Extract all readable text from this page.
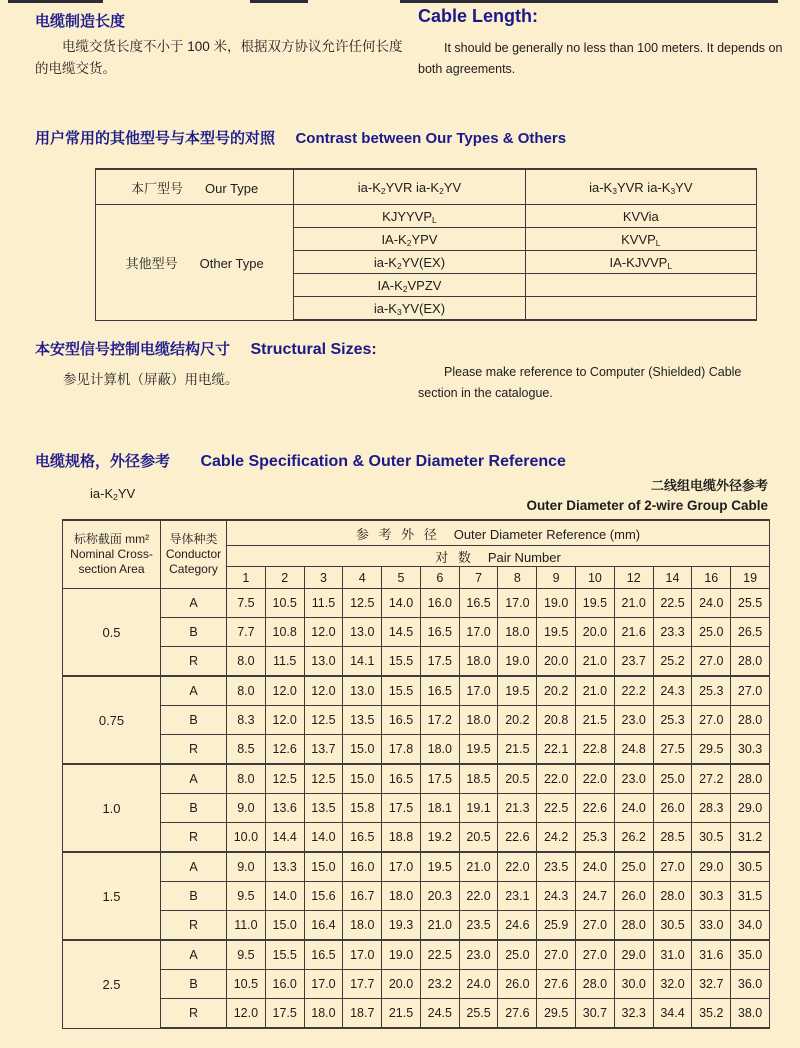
电缆制造长度
电缆交货长度不小于 100 米，根据双方协议允许任何长度的电缆交货。
Cable Length:
It should be generally no less than 100 meters. It depends on both agreements.
用户常用的其他型号与本型号的对照 Contrast between Our Types & Others
本厂型号 Our Type	$ia-K_2YVR$ $ia-K_2YV$	$ia-K_3YVR$ $ia-K_3YV$
其他型号 Other Type	$KJYYVP_L$	KVVia
	$IA-K_2YPV$	$KVVP_L$
	$ia-K_2YV(EX)$	$IA-KJVVP_L$
	$IA-K_2VPZV$	
	$ia-K_3YV(EX)$	
本安型信号控制电缆结构尺寸 Structural Sizes:
参见计算机（屏蔽）用电缆。	Please make reference to Computer (Shielded) Cable section in the catalogue.
电缆规格，外径参考 Cable Specification & Outer Diameter Reference
$ia-K_2YV$
二线组电缆外径参考
Outer Diameter of 2-wire Group Cable
标称截面 mm²
Nominal Cross-
section Area	导体种类
Conductor
Category	参 考 外 径 Outer Diameter Reference (mm)													
		对 数 Pair Number													
		1	2	3	4	5	6	7	8	9	10	12	14	16	19
0.5	A	7.5	10.5	11.5	12.5	14.0	16.0	16.5	17.0	19.0	19.5	21.0	22.5	24.0	25.5
	B	7.7	10.8	12.0	13.0	14.5	16.5	17.0	18.0	19.5	20.0	21.6	23.3	25.0	26.5
	R	8.0	11.5	13.0	14.1	15.5	17.5	18.0	19.0	20.0	21.0	23.7	25.2	27.0	28.0
0.75	A	8.0	12.0	12.0	13.0	15.5	16.5	17.0	19.5	20.2	21.0	22.2	24.3	25.3	27.0
	B	8.3	12.0	12.5	13.5	16.5	17.2	18.0	20.2	20.8	21.5	23.0	25.3	27.0	28.0
	R	8.5	12.6	13.7	15.0	17.8	18.0	19.5	21.5	22.1	22.8	24.8	27.5	29.5	30.3
1.0	A	8.0	12.5	12.5	15.0	16.5	17.5	18.5	20.5	22.0	22.0	23.0	25.0	27.2	28.0
	B	9.0	13.6	13.5	15.8	17.5	18.1	19.1	21.3	22.5	22.6	24.0	26.0	28.3	29.0
	R	10.0	14.4	14.0	16.5	18.8	19.2	20.5	22.6	24.2	25.3	26.2	28.5	30.5	31.2
1.5	A	9.0	13.3	15.0	16.0	17.0	19.5	21.0	22.0	23.5	24.0	25.0	27.0	29.0	30.5
	B	9.5	14.0	15.6	16.7	18.0	20.3	22.0	23.1	24.3	24.7	26.0	28.0	30.3	31.5
	R	11.0	15.0	16.4	18.0	19.3	21.0	23.5	24.6	25.9	27.0	28.0	30.5	33.0	34.0
2.5	A	9.5	15.5	16.5	17.0	19.0	22.5	23.0	25.0	27.0	27.0	29.0	31.0	31.6	35.0
	B	10.5	16.0	17.0	17.7	20.0	23.2	24.0	26.0	27.6	28.0	30.0	32.0	32.7	36.0
	R	12.0	17.5	18.0	18.7	21.5	24.5	25.5	27.6	29.5	30.7	32.3	34.4	35.2	38.0
